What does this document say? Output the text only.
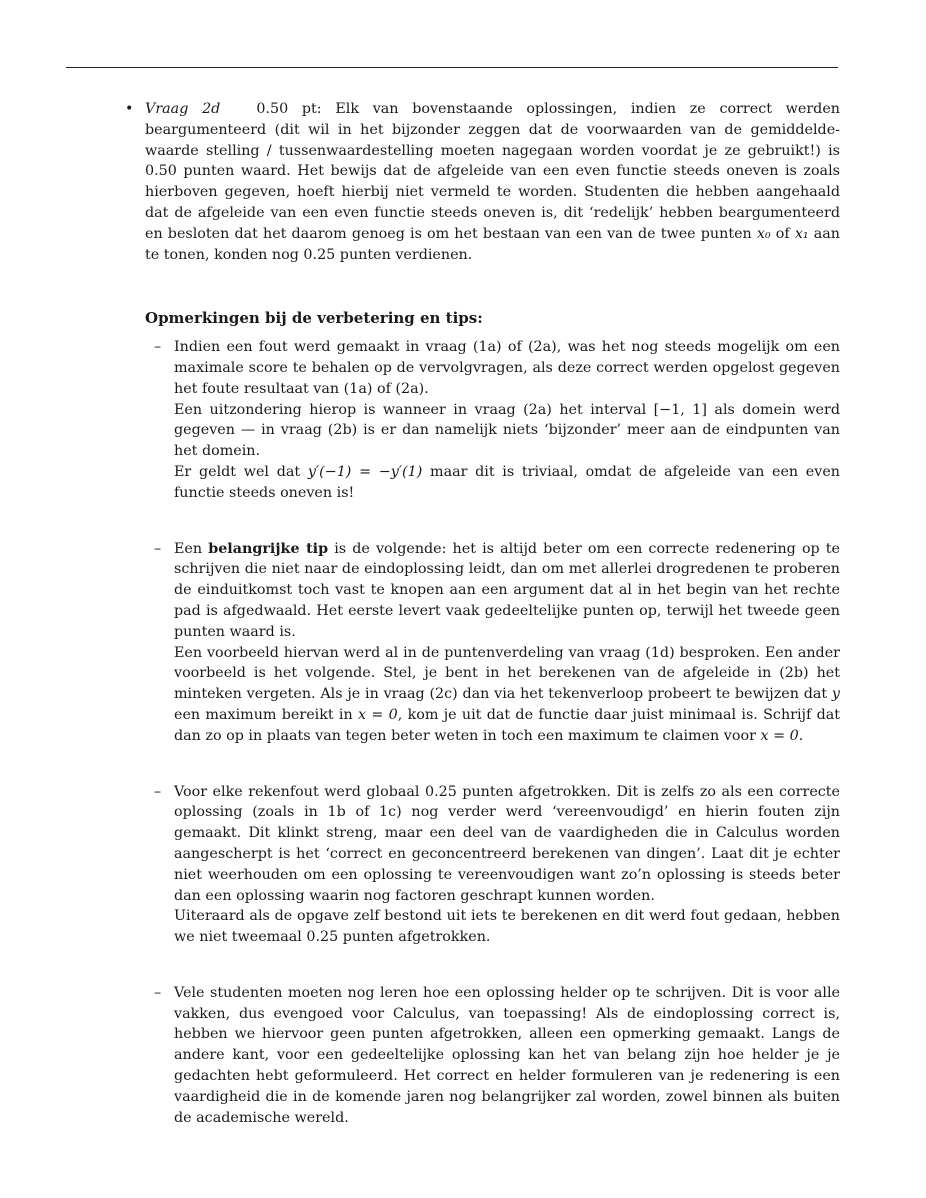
• Vraag 2d	0.50 pt: Elk van bovenstaande oplossingen, indien ze correct werden beargumenteerd (dit wil in het bijzonder zeggen dat de voorwaarden van de gemiddelde-waarde stelling / tussenwaardestelling moeten nagegaan worden voordat je ze gebruikt!) is 0.50 punten waard. Het bewijs dat de afgeleide van een even functie steeds oneven is zoals hierboven gegeven, hoeft hierbij niet vermeld te worden. Studenten die hebben aangehaald dat de afgeleide van een even functie steeds oneven is, dit ‘redelijk’ hebben beargumenteerd en besloten dat het daarom genoeg is om het bestaan van een van de twee punten x₀ of x₁ aan te tonen, konden nog 0.25 punten verdienen.
Opmerkingen bij de verbetering en tips:
– Indien een fout werd gemaakt in vraag (1a) of (2a), was het nog steeds mogelijk om een maximale score te behalen op de vervolgvragen, als deze correct werden opgelost gegeven het foute resultaat van (1a) of (2a).

Een uitzondering hierop is wanneer in vraag (2a) het interval [−1, 1] als domein werd gegeven — in vraag (2b) is er dan namelijk niets ‘bijzonder’ meer aan de eindpunten van het domein.

Er geldt wel dat y′(−1) = −y′(1) maar dit is triviaal, omdat de afgeleide van een even functie steeds oneven is!

– Een belangrijke tip is de volgende: het is altijd beter om een correcte redenering op te schrijven die niet naar de eindoplossing leidt, dan om met allerlei drogredenen te proberen de einduitkomst toch vast te knopen aan een argument dat al in het begin van het rechte pad is afgedwaald. Het eerste levert vaak gedeeltelijke punten op, terwijl het tweede geen punten waard is.

Een voorbeeld hiervan werd al in de puntenverdeling van vraag (1d) besproken. Een ander voorbeeld is het volgende. Stel, je bent in het berekenen van de afgeleide in (2b) het minteken vergeten. Als je in vraag (2c) dan via het tekenverloop probeert te bewijzen dat y een maximum bereikt in x = 0, kom je uit dat de functie daar juist minimaal is. Schrijf dat dan zo op in plaats van tegen beter weten in toch een maximum te claimen voor x = 0.

– Voor elke rekenfout werd globaal 0.25 punten afgetrokken. Dit is zelfs zo als een correcte oplossing (zoals in 1b of 1c) nog verder werd ‘vereenvoudigd’ en hierin fouten zijn gemaakt. Dit klinkt streng, maar een deel van de vaardigheden die in Calculus worden aangescherpt is het ‘correct en geconcentreerd berekenen van dingen’. Laat dit je echter niet weerhouden om een oplossing te vereenvoudigen want zo’n oplossing is steeds beter dan een oplossing waarin nog factoren geschrapt kunnen worden.

Uiteraard als de opgave zelf bestond uit iets te berekenen en dit werd fout gedaan, hebben we niet tweemaal 0.25 punten afgetrokken.

– Vele studenten moeten nog leren hoe een oplossing helder op te schrijven. Dit is voor alle vakken, dus evengoed voor Calculus, van toepassing! Als de eindoplossing correct is, hebben we hiervoor geen punten afgetrokken, alleen een opmerking gemaakt. Langs de andere kant, voor een gedeeltelijke oplossing kan het van belang zijn hoe helder je je gedachten hebt geformuleerd. Het correct en helder formuleren van je redenering is een vaardigheid die in de komende jaren nog belangrijker zal worden, zowel binnen als buiten de academische wereld.
